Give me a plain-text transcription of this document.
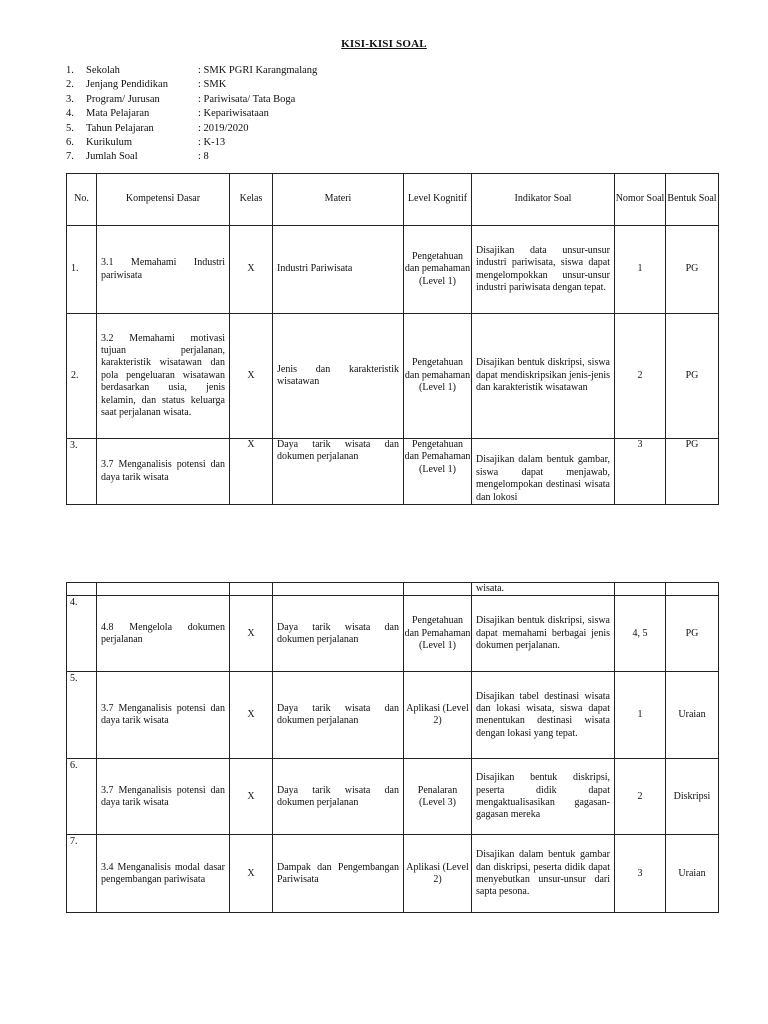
KISI-KISI SOAL
1. Sekolah	: SMK PGRI Karangmalang
2. Jenjang Pendidikan	: SMK
3. Program/ Jurusan	: Pariwisata/ Tata Boga
4. Mata Pelajaran	: Kepariwisataan
5. Tahun Pelajaran	: 2019/2020
6. Kurikulum	: K-13
7. Jumlah Soal	: 8
No.	Kompetensi Dasar	Kelas	Materi	Level Kognitif	Indikator Soal	Nomor Soal	Bentuk Soal
1.	3.1 Memahami Industri pariwisata	X	Industri Pariwisata	Pengetahuan dan pemahaman (Level 1)	Disajikan data unsur-unsur industri pariwisata, siswa dapat mengelompokkan unsur-unsur industri pariwisata dengan tepat.	1	PG
2.	3.2 Memahami motivasi tujuan perjalanan, karakteristik wisatawan dan pola pengeluaran wisatawan berdasarkan usia, jenis kelamin, dan status keluarga saat perjalanan wisata.	X	Jenis dan karakteristik wisatawan	Pengetahuan dan pemahaman (Level 1)	Disajikan bentuk diskripsi, siswa dapat mendiskripsikan jenis-jenis dan karakteristik wisatawan	2	PG
3.	3.7 Menganalisis potensi dan daya tarik wisata	X	Daya tarik wisata dan dokumen perjalanan	Pengetahuan dan Pemahaman (Level 1)	Disajikan dalam bentuk gambar, siswa dapat menjawab, mengelompokan destinasi wisata dan lokosi	3	PG
					wisata.		
4.	4.8 Mengelola dokumen perjalanan	X	Daya tarik wisata dan dokumen perjalanan	Pengetahuan dan Pemahaman (Level 1)	Disajikan bentuk diskripsi, siswa dapat memahami berbagai jenis dokumen perjalanan.	4, 5	PG
5.	3.7 Menganalisis potensi dan daya tarik wisata	X	Daya tarik wisata dan dokumen perjalanan	Aplikasi (Level 2)	Disajikan tabel destinasi wisata dan lokasi wisata, siswa dapat menentukan destinasi wisata dengan lokasi yang tepat.	1	Uraian
6.	3.7 Menganalisis potensi dan daya tarik wisata	X	Daya tarik wisata dan dokumen perjalanan	Penalaran (Level 3)	Disajikan bentuk diskripsi, peserta didik dapat mengaktualisasikan gagasan-gagasan mereka	2	Diskripsi
7.	3.4 Menganalisis modal dasar pengembangan pariwisata	X	Dampak dan Pengembangan Pariwisata	Aplikasi (Level 2)	Disajikan dalam bentuk gambar dan diskripsi, peserta didik dapat menyebutkan unsur-unsur dari sapta pesona.	3	Uraian
